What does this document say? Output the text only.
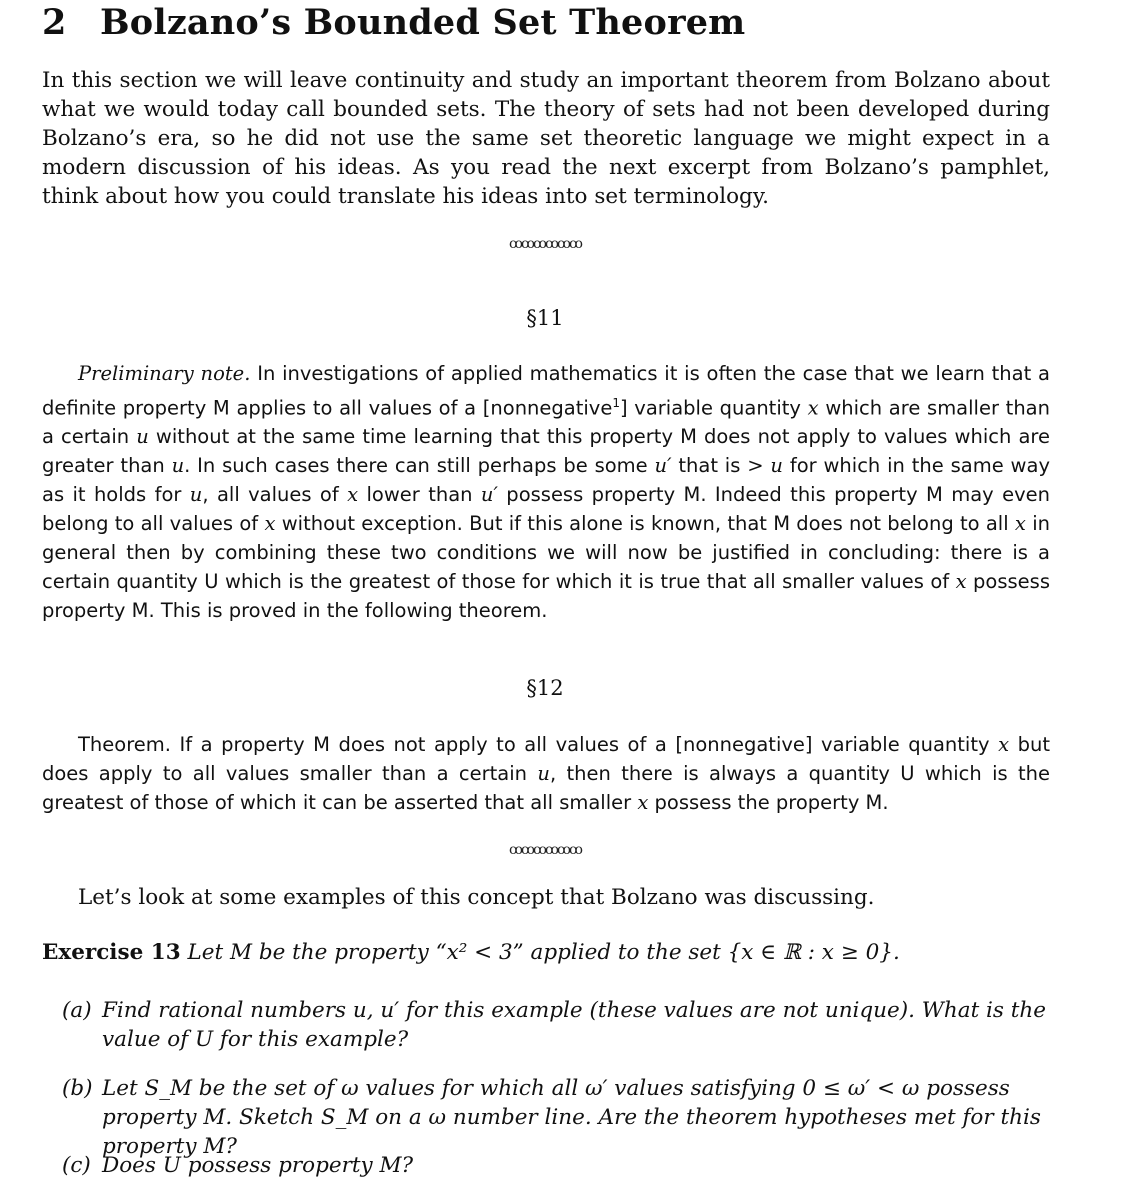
2 Bolzano’s Bounded Set Theorem
In this section we will leave continuity and study an important theorem from Bolzano about what we would today call bounded sets. The theory of sets had not been developed during Bolzano’s era, so he did not use the same set theoretic language we might expect in a modern discussion of his ideas. As you read the next excerpt from Bolzano’s pamphlet, think about how you could translate his ideas into set terminology.
ꝏꝏꝏꝏꝏꝏ
§11
Preliminary note. In investigations of applied mathematics it is often the case that we learn that a definite property M applies to all values of a [nonnegative$^1$] variable quantity x which are smaller than a certain u without at the same time learning that this property M does not apply to values which are greater than u. In such cases there can still perhaps be some u′ that is > u for which in the same way as it holds for u, all values of x lower than u′ possess property M. Indeed this property M may even belong to all values of x without exception. But if this alone is known, that M does not belong to all x in general then by combining these two conditions we will now be justified in concluding: there is a certain quantity U which is the greatest of those for which it is true that all smaller values of x possess property M. This is proved in the following theorem.
§12
Theorem. If a property M does not apply to all values of a [nonnegative] variable quantity x but does apply to all values smaller than a certain u, then there is always a quantity U which is the greatest of those of which it can be asserted that all smaller x possess the property M.
ꝏꝏꝏꝏꝏꝏ
Let’s look at some examples of this concept that Bolzano was discussing.
Exercise 13 Let M be the property “x² < 3” applied to the set {x ∈ ℝ : x ≥ 0}.
(a) Find rational numbers u, u′ for this example (these values are not unique). What is the value of U for this example?
(b) Let S_M be the set of ω values for which all ω′ values satisfying 0 ≤ ω′ < ω possess property M. Sketch S_M on a ω number line. Are the theorem hypotheses met for this property M?
(c) Does U possess property M?
